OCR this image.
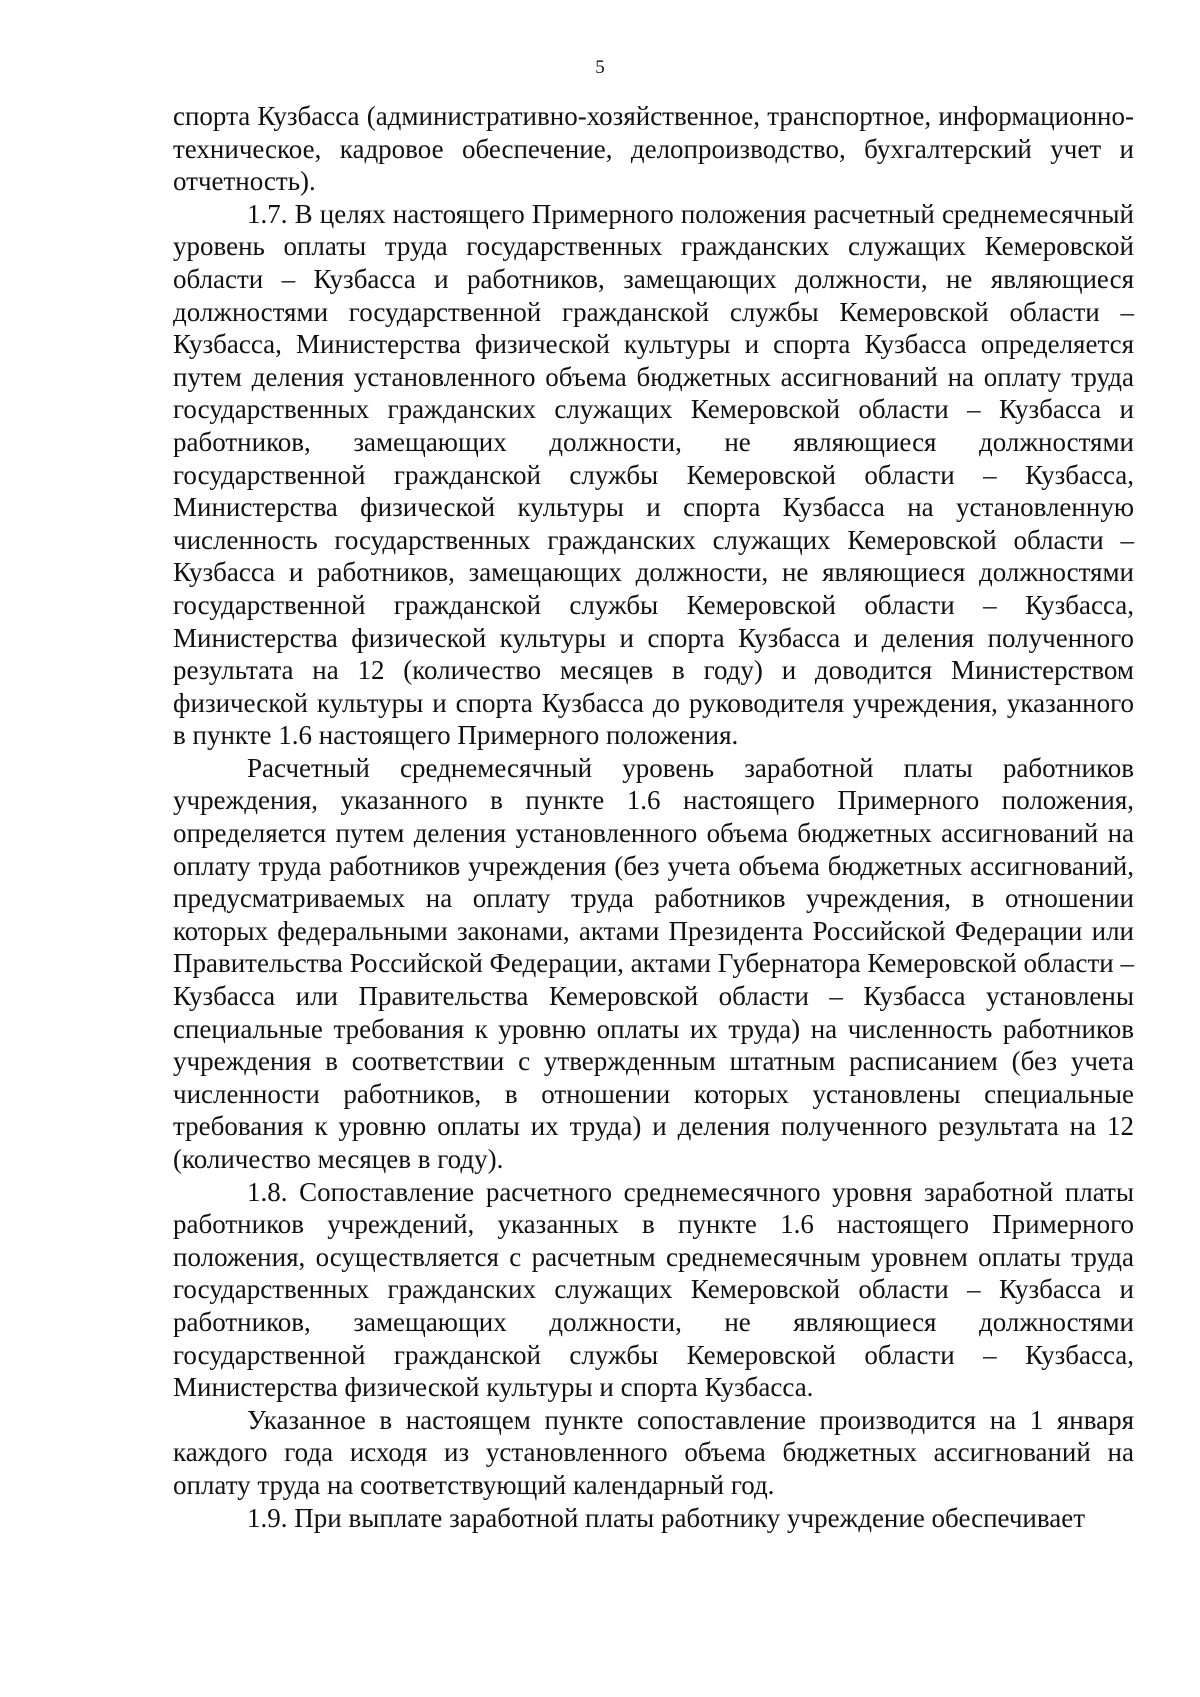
5

спорта Кузбасса (административно-хозяйственное, транспортное, информационно-техническое, кадровое обеспечение, делопроизводство, бухгалтерский учет и отчетность).

1.7. В целях настоящего Примерного положения расчетный среднемесячный уровень оплаты труда государственных гражданских служащих Кемеровской области – Кузбасса и работников, замещающих должности, не являющиеся должностями государственной гражданской службы Кемеровской области – Кузбасса, Министерства физической культуры и спорта Кузбасса определяется путем деления установленного объема бюджетных ассигнований на оплату труда государственных гражданских служащих Кемеровской области – Кузбасса и работников, замещающих должности, не являющиеся должностями государственной гражданской службы Кемеровской области – Кузбасса, Министерства физической культуры и спорта Кузбасса на установленную численность государственных гражданских служащих Кемеровской области – Кузбасса и работников, замещающих должности, не являющиеся должностями государственной гражданской службы Кемеровской области – Кузбасса, Министерства физической культуры и спорта Кузбасса и деления полученного результата на 12 (количество месяцев в году) и доводится Министерством физической культуры и спорта Кузбасса до руководителя учреждения, указанного в пункте 1.6 настоящего Примерного положения.

Расчетный среднемесячный уровень заработной платы работников учреждения, указанного в пункте 1.6 настоящего Примерного положения, определяется путем деления установленного объема бюджетных ассигнований на оплату труда работников учреждения (без учета объема бюджетных ассигнований, предусматриваемых на оплату труда работников учреждения, в отношении которых федеральными законами, актами Президента Российской Федерации или Правительства Российской Федерации, актами Губернатора Кемеровской области – Кузбасса или Правительства Кемеровской области – Кузбасса установлены специальные требования к уровню оплаты их труда) на численность работников учреждения в соответствии с утвержденным штатным расписанием (без учета численности работников, в отношении которых установлены специальные требования к уровню оплаты их труда) и деления полученного результата на 12 (количество месяцев в году).

1.8. Сопоставление расчетного среднемесячного уровня заработной платы работников учреждений, указанных в пункте 1.6 настоящего Примерного положения, осуществляется с расчетным среднемесячным уровнем оплаты труда государственных гражданских служащих Кемеровской области – Кузбасса и работников, замещающих должности, не являющиеся должностями государственной гражданской службы Кемеровской области – Кузбасса, Министерства физической культуры и спорта Кузбасса.

Указанное в настоящем пункте сопоставление производится на 1 января каждого года исходя из установленного объема бюджетных ассигнований на оплату труда на соответствующий календарный год.

1.9. При выплате заработной платы работнику учреждение обеспечивает
